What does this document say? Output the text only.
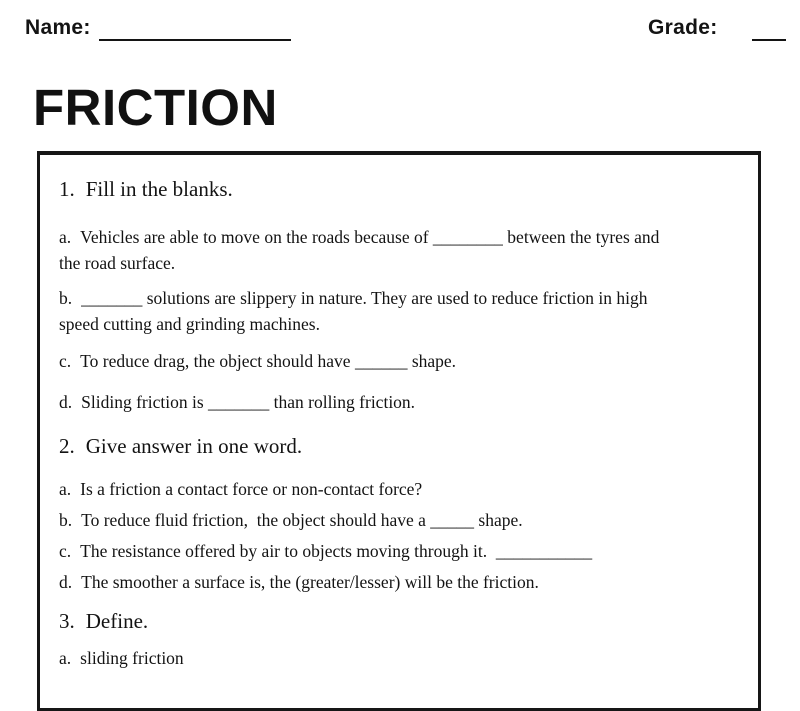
Name:	Grade:
FRICTION
1. Fill in the blanks.
a. Vehicles are able to move on the roads because of ________ between the tyres and
the road surface.
b. _______ solutions are slippery in nature. They are used to reduce friction in high
speed cutting and grinding machines.
c. To reduce drag, the object should have ______ shape.
d. Sliding friction is _______ than rolling friction.
2. Give answer in one word.
a. Is a friction a contact force or non-contact force?
b. To reduce fluid friction,  the object should have a _____ shape.
c. The resistance offered by air to objects moving through it.  ___________
d. The smoother a surface is, the (greater/lesser) will be the friction.
3. Define.
a. sliding friction
